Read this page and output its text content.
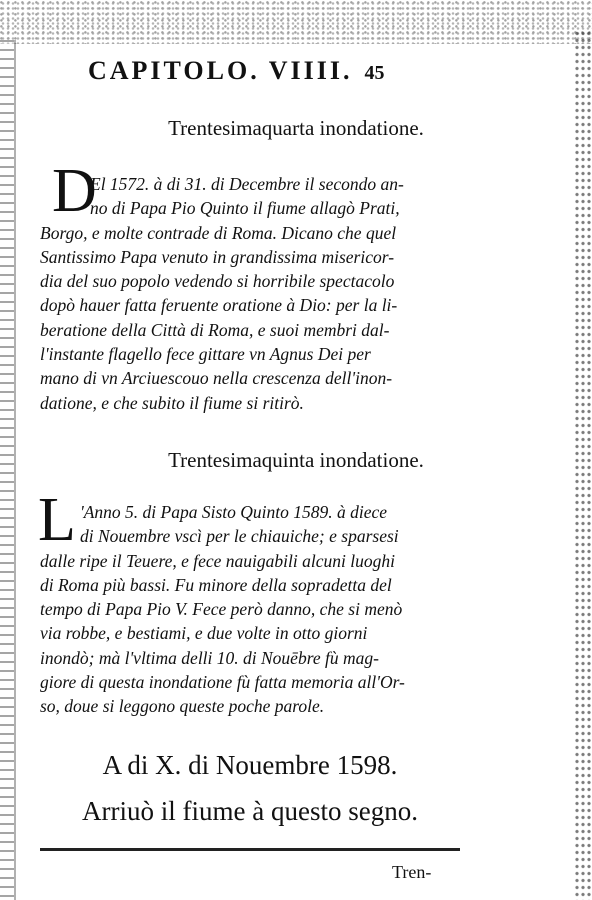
CAPITOLO. VIIII. 45
Trentesimaquarta inondatione.
D
El 1572. à di 31. di Decembre il secondo an-
no di Papa Pio Quinto il fiume allagò Prati,
Borgo, e molte contrade di Roma. Dicano che quel
Santissimo Papa venuto in grandissima misericor-
dia del suo popolo vedendo si horribile spectacolo
dopò hauer fatta feruente oratione à Dio: per la li-
beratione della Città di Roma, e suoi membri dal-
l'instante flagello fece gittare vn Agnus Dei per
mano di vn Arciuescouo nella crescenza dell'inon-
datione, e che subito il fiume si ritirò.
Trentesimaquinta inondatione.
L 'Anno 5. di Papa Sisto Quinto 1589. à diece
di Nouembre vscì per le chiauiche; e sparsesi
dalle ripe il Teuere, e fece nauigabili alcuni luoghi
di Roma più bassi. Fu minore della sopradetta del
tempo di Papa Pio V. Fece però danno, che si menò
via robbe, e bestiami, e due volte in otto giorni
inondò; mà l'vltima delli 10. di Nouēbre fù mag-
giore di questa inondatione fù fatta memoria all'Or-
so, doue si leggono queste poche parole.
A di X. di Nouembre 1598.
Arriuò il fiume à questo segno.
Tren-
